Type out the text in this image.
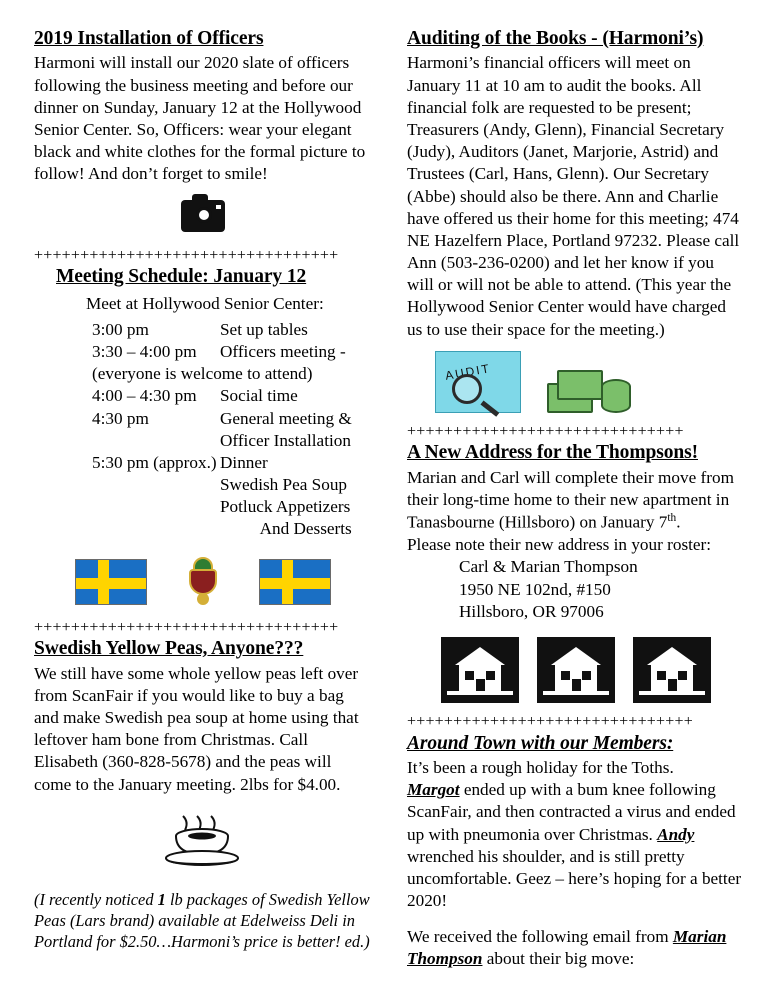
2019 Installation of Officers

Harmoni will install our 2020 slate of officers following the business meeting and before our dinner on Sunday, January 12 at the Hollywood Senior Center. So, Officers: wear your elegant black and white clothes for the formal picture to follow! And don’t forget to smile!

+++++++++++++++++++++++++++++++++
Meeting Schedule: January 12
Meet at Hollywood Senior Center:
3:00 pm	Set up tables
3:30 – 4:00 pm	Officers meeting -
(everyone is welcome to attend)	
4:00 – 4:30 pm	Social time
4:30 pm	General meeting &
	Officer Installation
5:30 pm (approx.)	Dinner
	Swedish Pea Soup
	Potluck Appetizers
	And Desserts
+++++++++++++++++++++++++++++++++
Swedish Yellow Peas, Anyone???

We still have some whole yellow peas left over from ScanFair if you would like to buy a bag and make Swedish pea soup at home using that leftover ham bone from Christmas. Call Elisabeth (360-828-5678) and the peas will come to the January meeting. 2lbs for $4.00.

(I recently noticed 1 lb packages of Swedish Yellow Peas (Lars brand) available at Edelweiss Deli in Portland for $2.50…Harmoni’s price is better! ed.)

Auditing of the Books - (Harmoni’s)

Harmoni’s financial officers will meet on January 11 at 10 am to audit the books. All financial folk are requested to be present; Treasurers (Andy, Glenn), Financial Secretary (Judy), Auditors (Janet, Marjorie, Astrid) and Trustees (Carl, Hans, Glenn). Our Secretary (Abbe) should also be there. Ann and Charlie have offered us their home for this meeting; 474 NE Hazelfern Place, Portland 97232. Please call Ann (503-236-0200) and let her know if you will or will not be able to attend. (This year the Hollywood Senior Center would have charged us to use their space for the meeting.)

AUDIT
++++++++++++++++++++++++++++++
A New Address for the Thompsons!

Marian and Carl will complete their move from their long-time home to their new apartment in Tanasbourne (Hillsboro) on January 7th.

Please note their new address in your roster:

Carl & Marian Thompson
1950 NE 102nd, #150
Hillsboro, OR 97006
+++++++++++++++++++++++++++++++
Around Town with our Members:

It’s been a rough holiday for the Toths.
Margot ended up with a bum knee following ScanFair, and then contracted a virus and ended up with pneumonia over Christmas. Andy wrenched his shoulder, and is still pretty uncomfortable. Geez – here’s hoping for a better 2020!

We received the following email from Marian Thompson about their big move:
